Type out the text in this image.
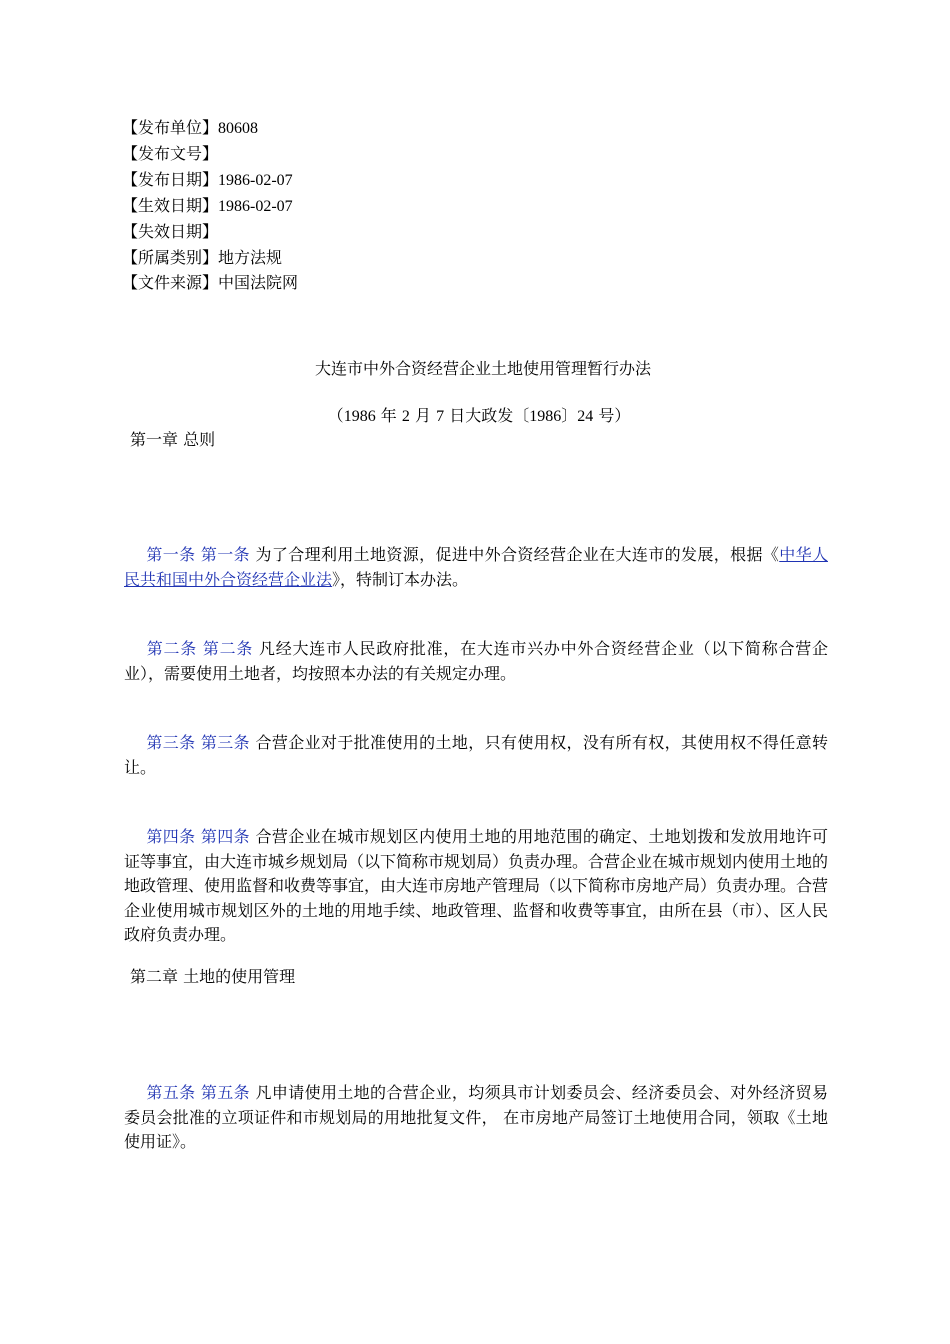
【发布单位】80608
【发布文号】
【发布日期】1986-02-07
【生效日期】1986-02-07
【失效日期】
【所属类别】地方法规
【文件来源】中国法院网
大连市中外合资经营企业土地使用管理暂行办法
（1986 年 2 月 7 日大政发〔1986〕24 号）
第一章 总则
第一条 第一条 为了合理利用土地资源，促进中外合资经营企业在大连市的发展，根据《中华人民共和国中外合资经营企业法》，特制订本办法。
第二条 第二条 凡经大连市人民政府批准，在大连市兴办中外合资经营企业（以下简称合营企业），需要使用土地者，均按照本办法的有关规定办理。
第三条 第三条 合营企业对于批准使用的土地，只有使用权，没有所有权，其使用权不得任意转让。
第四条 第四条 合营企业在城市规划区内使用土地的用地范围的确定、土地划拨和发放用地许可证等事宜，由大连市城乡规划局（以下简称市规划局）负责办理。合营企业在城市规划内使用土地的地政管理、使用监督和收费等事宜，由大连市房地产管理局（以下简称市房地产局）负责办理。合营企业使用城市规划区外的土地的用地手续、地政管理、监督和收费等事宜，由所在县（市）、区人民政府负责办理。
第二章 土地的使用管理
第五条 第五条 凡申请使用土地的合营企业，均须具市计划委员会、经济委员会、对外经济贸易委员会批准的立项证件和市规划局的用地批复文件， 在市房地产局签订土地使用合同，领取《土地使用证》。
